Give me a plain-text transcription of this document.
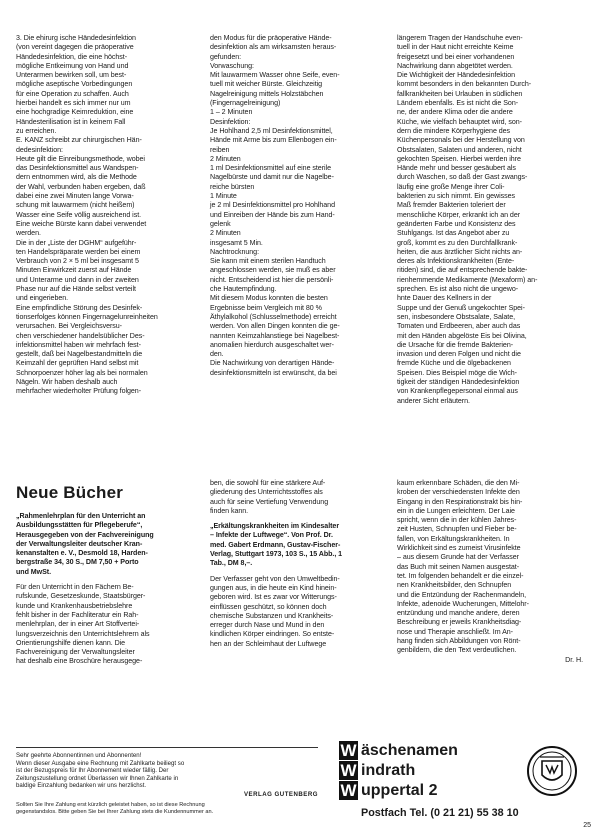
3. Die ehirurg ische Händedesinfektion

(von vereint dagegen die präoperative

Händedesinfektion, die eine höchst-

mögliche Entkeimung von Hand und

Unterarmen bewirken soll, um best-

mögliche aseptische Vorbedingungen

für eine Operation zu schaffen. Auch

hierbei handelt es sich immer nur um

eine hochgradige Keimreduktion, eine

Händesterilisation ist in keinem Fall

zu erreichen.

E. KANZ schreibt zur chirurgischen Hän-

dedesinfektion:

Heute gilt die Einreibungsmethode, wobei

das Desinfektionsmittel aus Wandspen-

dern entnommen wird, als die Methode

der Wahl, verbunden haben ergeben, daß

dabei eine zwei Minuten lange Vorwa-

schung mit lauwarmem (nicht heißem)

Wasser eine Seife völlig ausreichend ist.

Eine weiche Bürste kann dabei verwendet

werden.

Die in der „Liste der DGHM“ aufgeführ-

ten Handelspräparate werden bei einem

Verbrauch von 2 × 5 ml bei insgesamt 5

Minuten Einwirkzeit zuerst auf Hände

und Unterarme und dann in der zweiten

Phase nur auf die Hände selbst verteilt

und eingerieben.

Eine empfindliche Störung des Desinfek-

tionserfolges können Fingernagelunreinheiten

verursachen. Bei Vergleichsversu-

chen verschiedener handelsüblicher Des-

infektionsmittel haben wir mehrfach fest-

gestellt, daß bei Nagelbestandmitteln die

Keimzahl der geprüften Hand selbst mit

Schnorpoenzer höher lag als bei normalen

Nägeln. Wir haben deshalb auch

mehrfacher wiederholter Prüfung folgen-

den Modus für die präoperative Hände-

desinfektion als am wirksamsten heraus-

gefunden:

Vorwaschung:

Mit lauwarmem Wasser ohne Seife, even-

tuell mit weicher Bürste. Gleichzeitig

Nagelreinigung mittels Holzstäbchen

(Fingernagelreinigung)

1 – 2 Minuten

Desinfektion:

Je Hohlhand 2,5 ml Desinfektionsmittel,

Hände mit Arme bis zum Ellenbogen ein-

reiben

2 Minuten

1 ml Desinfektionsmittel auf eine sterile

Nagelbürste und damit nur die Nagelbe-

reiche bürsten

1 Minute

je 2 ml Desinfektionsmittel pro Hohlhand

und Einreiben der Hände bis zum Hand-

gelenk

2 Minuten

insgesamt 5 Min.

Nachtrocknung:

Sie kann mit einem sterilen Handtuch

angeschlossen werden, sie muß es aber

nicht. Entscheidend ist hier die persönli-

che Hautempfindung.

Mit diesem Modus konnten die besten

Ergebnisse beim Vergleich mit 80 %

Äthylalkohol (Schlusselmethode) erreicht

werden. Von allen Dingen konnten die ge-

nannten Keimzahlanstiege bei Nagelbest-

anomalien hierdurch ausgeschaltet wer-

den.

Die Nachwirkung von derartigen Hände-

desinfektionsmitteln ist erwünscht, da bei

längerem Tragen der Handschuhe even-

tuell in der Haut nicht erreichte Keime

freigesetzt und bei einer vorhandenen

Nachwirkung dann abgetötet werden.

Die Wichtigkeit der Händedesinfektion

kommt besonders in den bekannten Durch-

fallkrankheiten bei Urlauben in südlichen

Ländern ebenfalls. Es ist nicht die Son-

ne, der andere Klima oder die andere

Küche, wie vielfach behauptet wird, son-

dern die mindere Körperhygiene des

Küchenpersonals bei der Herstellung von

Obstsalaten, Salaten und anderen, nicht

gekochten Speisen. Hierbei werden ihre

Hände mehr und besser gesäubert als

durch Waschen, so daß der Gast zwangs-

läufig eine große Menge ihrer Coli-

bakterien zu sich nimmt. Ein gewisses

Maß fremder Bakterien toleriert der

menschliche Körper, erkrankt ich an der

geänderten Farbe und Konsistenz des

Stuhlgangs. Ist das Angebot aber zu

groß, kommt es zu den Durchfallkrank-

heiten, die aus ärztlicher Sicht nichts an-

deres als Infektionskrankheiten (Ente-

ritiden) sind, die auf entsprechende bakte-

rienhemmende Medikamente (Mexaform) an-

sprechen. Es ist also nicht die ungewo-

hnte Dauer des Kellners in der

Suppe und der Genuß ungekochter Spei-

sen, insbesondere Obstsalate, Salate,

Tomaten und Erdbeeren, aber auch das

mit den Händen abgelöste Eis bei Olivina,

die Ursache für die fremde Bakterien-

invasion und deren Folgen und nicht die

fremde Küche und die ölgebackenen

Speisen. Dies Beispiel möge die Wich-

tigkeit der ständigen Händedesinfektion

von Krankenpflegepersonal einmal aus

anderer Sicht erläutern.

Neue Bücher

„Rahmenlehrplan für den Unterricht an

Ausbildungsstätten für Pflegeberufe“,

Herausgegeben von der Fachvereinigung

der Verwaltungsleiter deutscher Kran-

kenanstalten e. V., Desmold 18, Harden-

bergstraße 34, 30 S., DM 7,50 + Porto

und MwSt.

Für den Unterricht in den Fächern Be-

rufskunde, Gesetzeskunde, Staatsbürger-

kunde und Krankenhausbetriebslehre

fehlt bisher in der Fachliteratur ein Rah-

menlehrplan, der in einer Art Stoffvertei-

lungsverzeichnis den Unterrichtslehrern als

Orientierungshilfe dienen kann. Die

Fachvereinigung der Verwaltungsleiter

hat deshalb eine Broschüre herausgege-

ben, die sowohl für eine stärkere Auf-

gliederung des Unterrichtsstoffes als

auch für seine Vertiefung Verwendung

finden kann.

„Erkältungskrankheiten im Kindesalter

– Infekte der Luftwege“. Von Prof. Dr.

med. Gabert Erdmann, Gustav-Fischer-

Verlag, Stuttgart 1973, 103 S., 15 Abb., 1

Tab., DM 8,–.

Der Verfasser geht von den Umweltbedin-

gungen aus, in die heute ein Kind hinein-

geboren wird. Ist es zwar vor Witterungs-

einflüssen geschützt, so können doch

chemische Substanzen und Krankheits-

erreger durch Nase und Mund in den

kindlichen Körper eindringen. So entste-

hen an der Schleimhaut der Luftwege

kaum erkennbare Schäden, die den Mi-

kroben der verschiedensten Infekte den

Eingang in den Respirationstrakt bis hin-

ein in die Lungen erleichtern. Der Laie

spricht, wenn die in der kühlen Jahres-

zeit Husten, Schnupfen und Fieber be-

fallen, von Erkältungskrankheiten. In

Wirklichkeit sind es zumeist Virusinfekte

– aus diesem Grunde hat der Verfasser

das Buch mit seinen Namen ausgestat-

tet. Im folgenden behandelt er die einzel-

nen Krankheitsbilder, den Schnupfen

und die Entzündung der Rachenmandeln,

Infekte, adenoide Wucherungen, Mittelohr-

entzündung und manche andere, deren

Beschreibung er jeweils Krankheitsdiag-

nose und Therapie anschließt. Im An-

hang finden sich Abbildungen von Rönt-

genbildern, die den Text verdeutlichen.

Dr. H.

Sehr geehrte Abonnentinnen und Abonnenten!

Wenn dieser Ausgabe eine Rechnung mit Zahlkarte beiliegt so

ist der Bezugspreis für Ihr Abonnement wieder fällig. Der

Zeitungszustellung ordnet Überlassen wir Ihnen Zahlkarte in

baldige Einzahlung bedanken wir uns herzlichst.

VERLAG GUTENBERG

Sollten Sie Ihre Zahlung erst kürzlich geleistet haben, so ist diese Rechnung

gegenstandslos. Bitte geben Sie bei Ihrer Zahlung stets die Kundennummer an.

W äschenamen
W indrath
W uppertal 2
Postfach Tel. (0 21 21) 55 38 10
25
